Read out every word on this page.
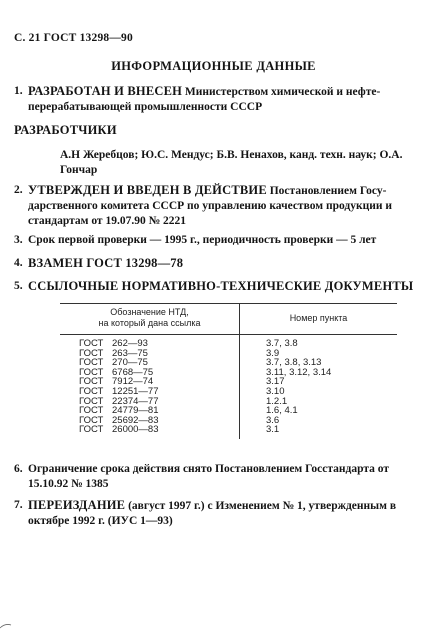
С. 21 ГОСТ 13298—90
ИНФОРМАЦИОННЫЕ ДАННЫЕ
1. РАЗРАБОТАН И ВНЕСЕН Министерством химической и нефте-перерабатывающей промышленности СССР
РАЗРАБОТЧИКИ
А.Н Жеребцов; Ю.С. Мендус; Б.В. Ненахов, канд. техн. наук; О.А. Гончар
2. УТВЕРЖДЕН И ВВЕДЕН В ДЕЙСТВИЕ Постановлением Госу-дарственного комитета СССР по управлению качеством продукции и стандартам от 19.07.90 № 2221
3. Срок первой проверки — 1995 г., периодичность проверки — 5 лет
4. ВЗАМЕН ГОСТ 13298—78
5. ССЫЛОЧНЫЕ НОРМАТИВНО-ТЕХНИЧЕСКИЕ ДОКУМЕНТЫ
Обозначение НТД,
на который дана ссылка	Номер пункта
ГОСТ 262—93	3.7, 3.8
ГОСТ 263—75	3.9
ГОСТ 270—75	3.7, 3.8, 3.13
ГОСТ 6768—75	3.11, 3.12, 3.14
ГОСТ 7912—74	3.17
ГОСТ 12251—77	3.10
ГОСТ 22374—77	1.2.1
ГОСТ 24779—81	1.6, 4.1
ГОСТ 25692—83	3.6
ГОСТ 26000—83	3.1
6. Ограничение срока действия снято Постановлением Госстандарта от 15.10.92 № 1385
7. ПЕРЕИЗДАНИЕ (август 1997 г.) с Изменением № 1, утвержденным в октябре 1992 г. (ИУС 1—93)
